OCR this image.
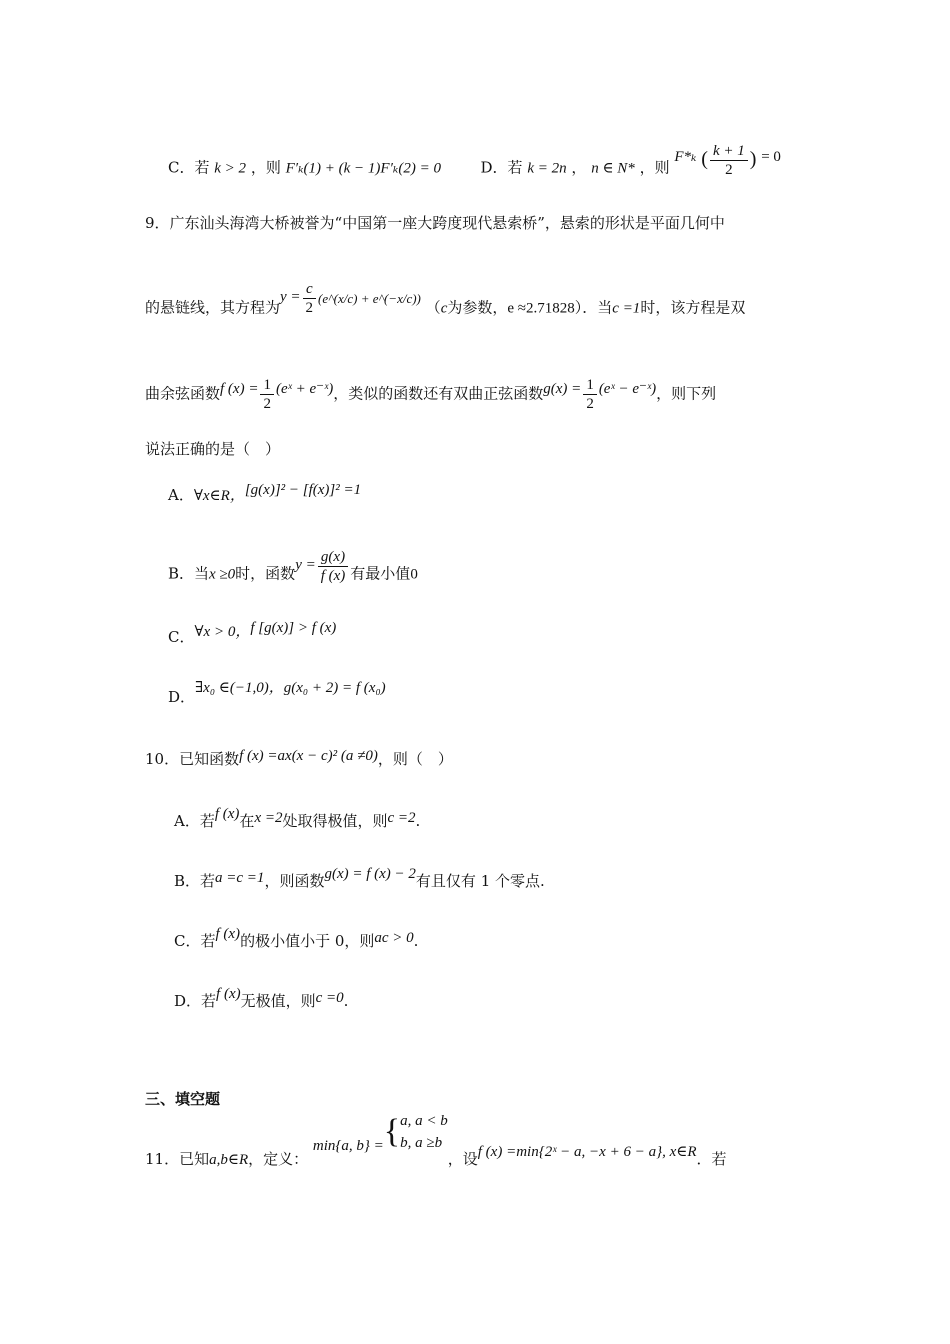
C．若 k > 2 ，则 F′ₖ(1) + (k − 1)F′ₖ(2) = 0	D．若 k = 2n ， n ∈ N* ，则 F*ₖ ( $\frac{k + 1}{2}$ ) = 0
9．广东汕头海湾大桥被誉为“中国第一座大跨度现代悬索桥”，悬索的形状是平面几何中
的悬链线，其方程为$y = \frac{c}{2}$ (e^(x/c) + e^(−x/c)) （c为参数，e ≈2.71828）．当c =1时，该方程是双
曲余弦函数f $(x) = \frac{1}{2}$ (eˣ + e⁻ˣ)，类似的函数还有双曲正弦函数$g(x) = \frac{1}{2}$ (eˣ − e⁻ˣ)，则下列
说法正确的是（　）
A．∀x∈R，[g(x)]² − [f(x)]² =1
B．当x ≥0时，函数$y = \frac{g(x)}{f (x)}$ 有最小值0
C．∀x > 0，f [g(x)] > f (x)
D．∃x₀ ∈(−1,0)，g(x₀ + 2) = f (x₀)
10．已知函数f (x) =ax(x − c)² (a ≠0)，则（　）
A．若f (x)在x =2处取得极值，则c =2.
B．若a =c =1，则函数g(x) = f (x) − 2有且仅有 1 个零点.
C．若f (x)的极小值小于 0，则ac > 0.
D．若f (x)无极值，则c =0.
三、填空题
11．已知a,b∈R，定义： min{a, b} ={ a, a < b
b, a ≥b
，设f (x) =min{2ˣ − a, −x + 6 − a}, x∈R．若
